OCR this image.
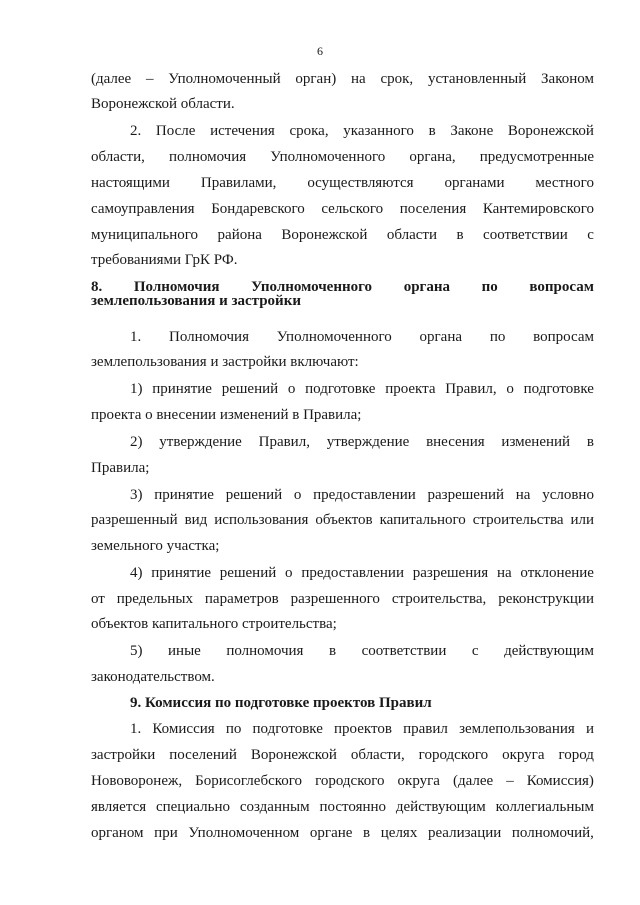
6
(далее – Уполномоченный орган) на срок, установленный Законом
Воронежской области.
2. После истечения срока, указанного в Законе Воронежской
области, полномочия Уполномоченного органа, предусмотренные
настоящими Правилами, осуществляются органами местного
самоуправления Бондаревского сельского поселения Кантемировского
муниципального района Воронежской области в соответствии с
требованиями ГрК РФ.
8. Полномочия Уполномоченного органа по вопросам
землепользования и застройки
1. Полномочия Уполномоченного органа по вопросам
землепользования и застройки включают:
1) принятие решений о подготовке проекта Правил, о подготовке
проекта о внесении изменений в Правила;
2) утверждение Правил, утверждение внесения изменений в
Правила;
3) принятие решений о предоставлении разрешений на условно
разрешенный вид использования объектов капитального строительства или
земельного участка;
4) принятие решений о предоставлении разрешения на отклонение
от предельных параметров разрешенного строительства, реконструкции
объектов капитального строительства;
5) иные полномочия в соответствии с действующим
законодательством.
9. Комиссия по подготовке проектов Правил
1. Комиссия по подготовке проектов правил землепользования и
застройки поселений Воронежской области, городского округа город
Нововоронеж, Борисоглебского городского округа (далее – Комиссия)
является специально созданным постоянно действующим коллегиальным
органом при Уполномоченном органе в целях реализации полномочий,
